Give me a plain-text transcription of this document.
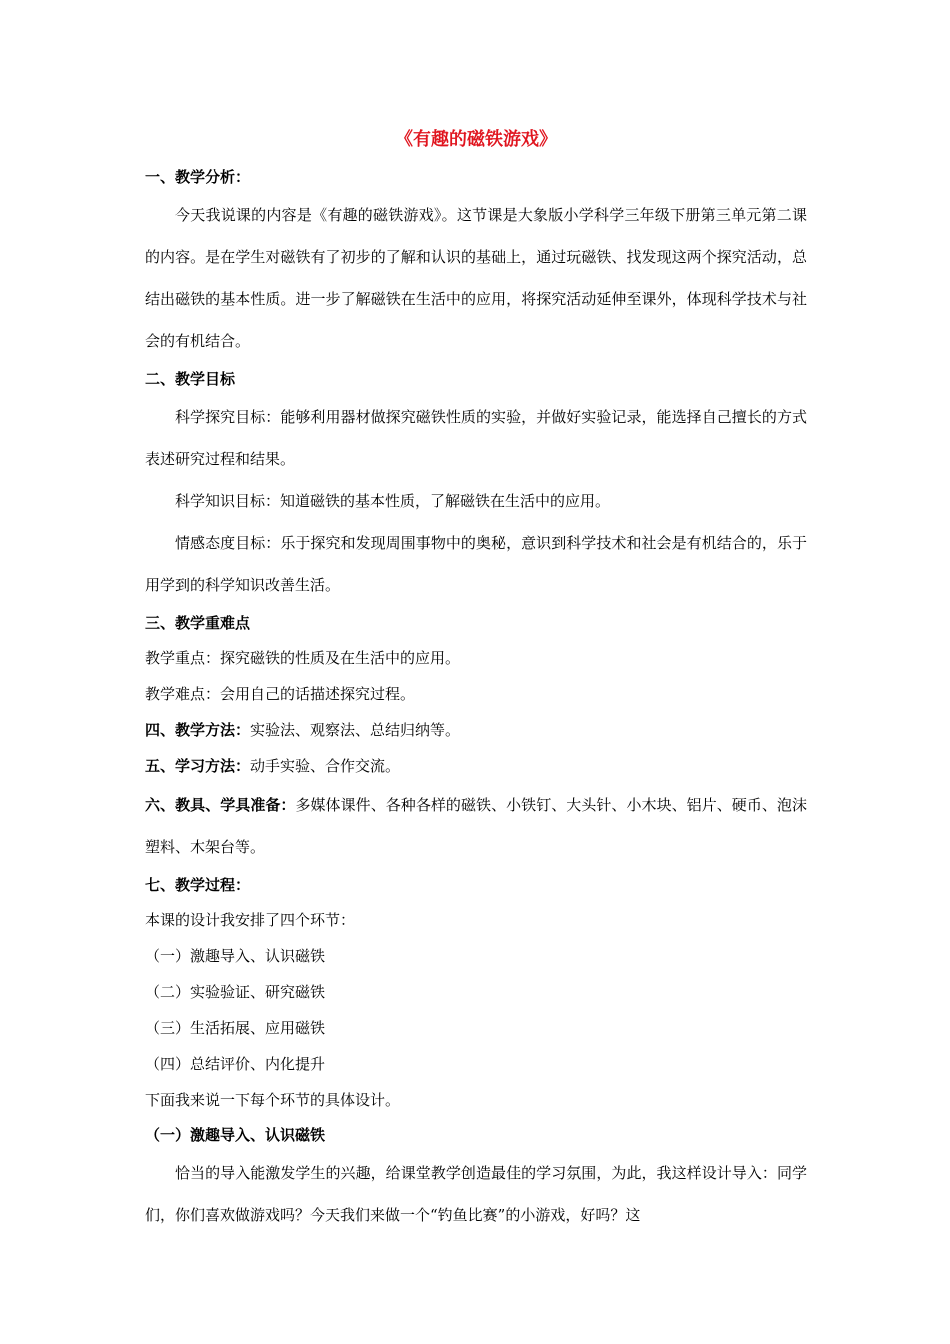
《有趣的磁铁游戏》
一、教学分析：

今天我说课的内容是《有趣的磁铁游戏》。这节课是大象版小学科学三年级下册第三单元第二课的内容。是在学生对磁铁有了初步的了解和认识的基础上，通过玩磁铁、找发现这两个探究活动，总结出磁铁的基本性质。进一步了解磁铁在生活中的应用，将探究活动延伸至课外，体现科学技术与社会的有机结合。

二、教学目标

科学探究目标：能够利用器材做探究磁铁性质的实验，并做好实验记录，能选择自己擅长的方式表述研究过程和结果。

科学知识目标：知道磁铁的基本性质，了解磁铁在生活中的应用。

情感态度目标：乐于探究和发现周围事物中的奥秘，意识到科学技术和社会是有机结合的，乐于用学到的科学知识改善生活。

三、教学重难点
教学重点：探究磁铁的性质及在生活中的应用。
教学难点：会用自己的话描述探究过程。
四、教学方法：实验法、观察法、总结归纳等。
五、学习方法：动手实验、合作交流。

六、教具、学具准备：多媒体课件、各种各样的磁铁、小铁钉、大头针、小木块、铝片、硬币、泡沫塑料、木架台等。

七、教学过程：
本课的设计我安排了四个环节：
（一）激趣导入、认识磁铁
（二）实验验证、研究磁铁
（三）生活拓展、应用磁铁
（四）总结评价、内化提升
下面我来说一下每个环节的具体设计。
（一）激趣导入、认识磁铁

恰当的导入能激发学生的兴趣，给课堂教学创造最佳的学习氛围，为此，我这样设计导入：同学们，你们喜欢做游戏吗？今天我们来做一个“钓鱼比赛”的小游戏，好吗？这
